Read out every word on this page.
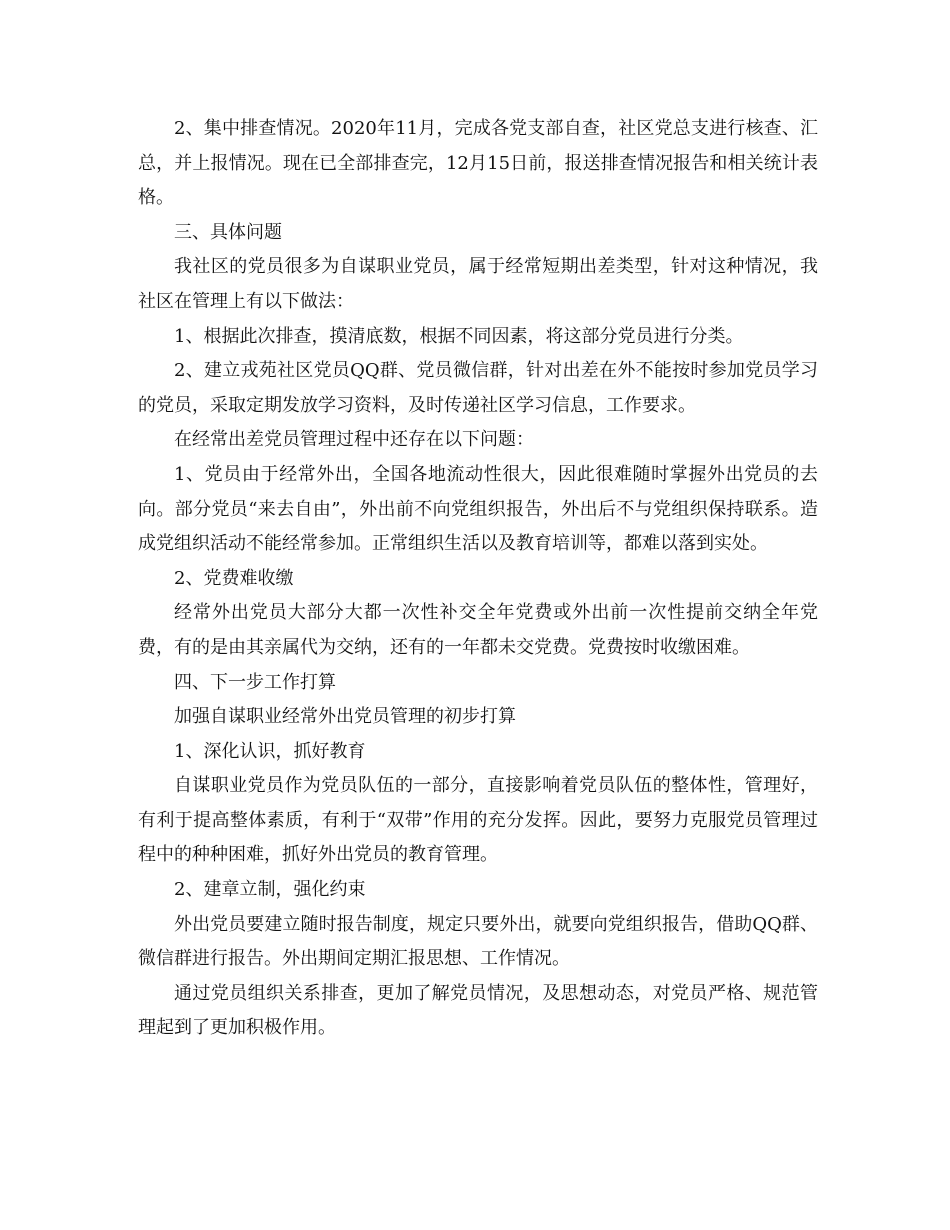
2、集中排查情况。2020年11月，完成各党支部自查，社区党总支进行核查、汇总，并上报情况。现在已全部排查完，12月15日前，报送排查情况报告和相关统计表格。

三、具体问题

我社区的党员很多为自谋职业党员，属于经常短期出差类型，针对这种情况，我社区在管理上有以下做法：

1、根据此次排查，摸清底数，根据不同因素，将这部分党员进行分类。

2、建立戎苑社区党员QQ群、党员微信群，针对出差在外不能按时参加党员学习的党员，采取定期发放学习资料，及时传递社区学习信息，工作要求。

在经常出差党员管理过程中还存在以下问题：

1、党员由于经常外出，全国各地流动性很大，因此很难随时掌握外出党员的去向。部分党员“来去自由”，外出前不向党组织报告，外出后不与党组织保持联系。造成党组织活动不能经常参加。正常组织生活以及教育培训等，都难以落到实处。

2、党费难收缴

经常外出党员大部分大都一次性补交全年党费或外出前一次性提前交纳全年党费，有的是由其亲属代为交纳，还有的一年都未交党费。党费按时收缴困难。

四、下一步工作打算

加强自谋职业经常外出党员管理的初步打算

1、深化认识，抓好教育

自谋职业党员作为党员队伍的一部分，直接影响着党员队伍的整体性，管理好，有利于提高整体素质，有利于“双带”作用的充分发挥。因此，要努力克服党员管理过程中的种种困难，抓好外出党员的教育管理。

2、建章立制，强化约束

外出党员要建立随时报告制度，规定只要外出，就要向党组织报告，借助QQ群、微信群进行报告。外出期间定期汇报思想、工作情况。

通过党员组织关系排查，更加了解党员情况，及思想动态，对党员严格、规范管理起到了更加积极作用。
